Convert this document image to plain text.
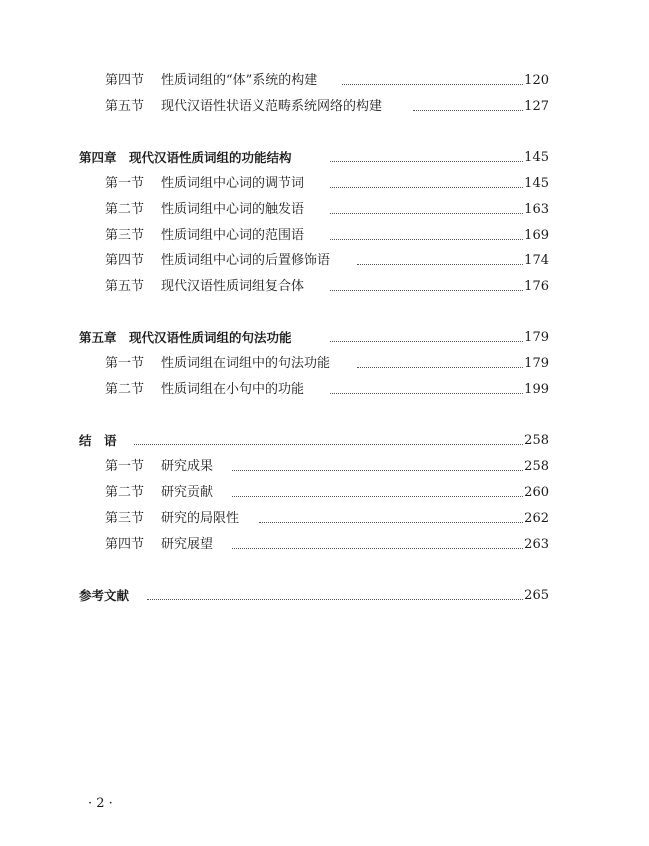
第四节 性质词组的“体”系统的构建	120
第五节 现代汉语性状语义范畴系统网络的构建	127
第四章　现代汉语性质词组的功能结构	145
第一节 性质词组中心词的调节词	145
第二节 性质词组中心词的触发语	163
第三节 性质词组中心词的范围语	169
第四节 性质词组中心词的后置修饰语	174
第五节 现代汉语性质词组复合体	176
第五章　现代汉语性质词组的句法功能	179
第一节 性质词组在词组中的句法功能	179
第二节 性质词组在小句中的功能	199
结　语	258
第一节 研究成果	258
第二节 研究贡献	260
第三节 研究的局限性	262
第四节 研究展望	263
参考文献	265
· 2 ·
